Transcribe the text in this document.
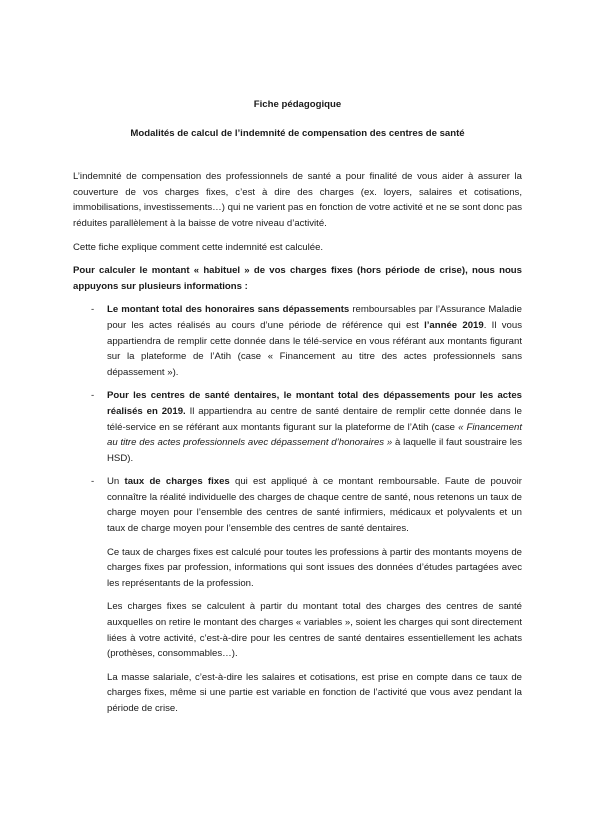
Fiche pédagogique

Modalités de calcul de l’indemnité de compensation des centres de santé

L’indemnité de compensation des professionnels de santé a pour finalité de vous aider à assurer la couverture de vos charges fixes, c’est à dire des charges (ex. loyers, salaires et cotisations, immobilisations, investissements…) qui ne varient pas en fonction de votre activité et ne se sont donc pas réduites parallèlement à la baisse de votre niveau d’activité.

Cette fiche explique comment cette indemnité est calculée.

Pour calculer le montant « habituel » de vos charges fixes (hors période de crise), nous nous appuyons sur plusieurs informations :

- Le montant total des honoraires sans dépassements remboursables par l’Assurance Maladie pour les actes réalisés au cours d’une période de référence qui est l’année 2019. Il vous appartiendra de remplir cette donnée dans le télé-service en vous référant aux montants figurant sur la plateforme de l’Atih (case « Financement au titre des actes professionnels sans dépassement »).
- Pour les centres de santé dentaires, le montant total des dépassements pour les actes réalisés en 2019. Il appartiendra au centre de santé dentaire de remplir cette donnée dans le télé-service en se référant aux montants figurant sur la plateforme de l’Atih (case « Financement au titre des actes professionnels avec dépassement d’honoraires » à laquelle il faut soustraire les HSD).
- Un taux de charges fixes qui est appliqué à ce montant remboursable. Faute de pouvoir connaître la réalité individuelle des charges de chaque centre de santé, nous retenons un taux de charge moyen pour l’ensemble des centres de santé infirmiers, médicaux et polyvalents et un taux de charge moyen pour l’ensemble des centres de santé dentaires.

Ce taux de charges fixes est calculé pour toutes les professions à partir des montants moyens de charges fixes par profession, informations qui sont issues des données d’études partagées avec les représentants de la profession.

Les charges fixes se calculent à partir du montant total des charges des centres de santé auxquelles on retire le montant des charges « variables », soient les charges qui sont directement liées à votre activité, c’est-à-dire pour les centres de santé dentaires essentiellement les achats (prothèses, consommables…).

La masse salariale, c’est-à-dire les salaires et cotisations, est prise en compte dans ce taux de charges fixes, même si une partie est variable en fonction de l’activité que vous avez pendant la période de crise.
